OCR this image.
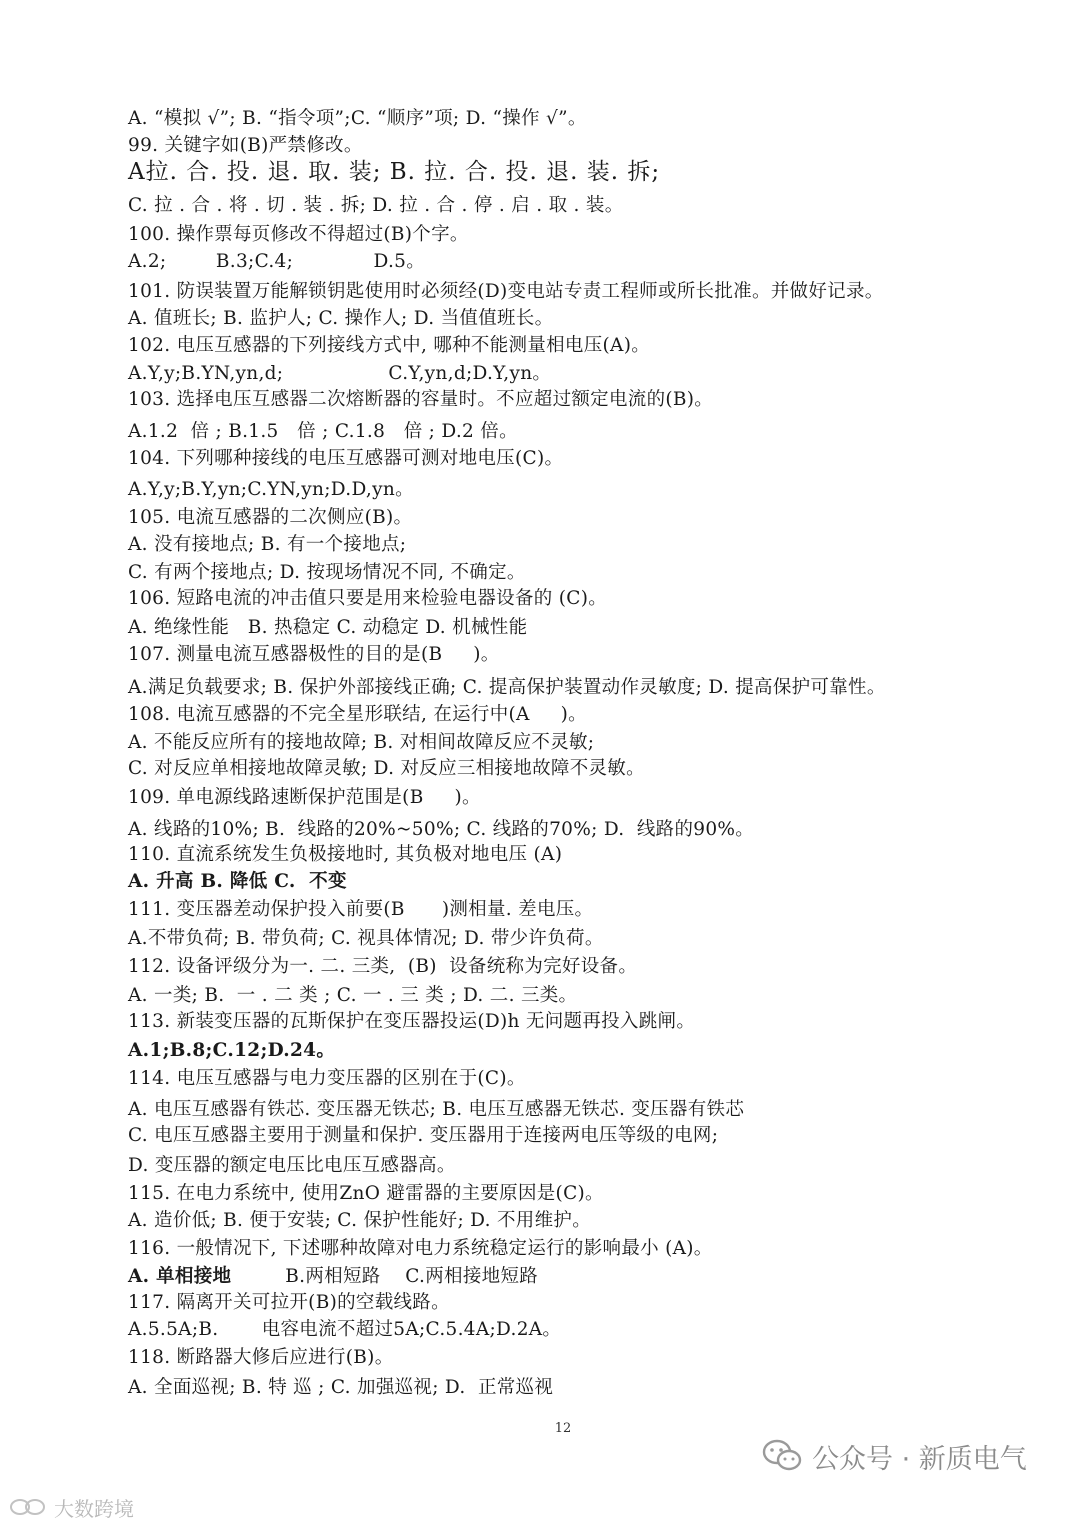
A. “模拟 √”; B. “指令项”;C. “顺序”项; D. “操作 √”。
99. 关键字如(B)严禁修改。
A拉. 合. 投. 退. 取. 装; B. 拉. 合. 投. 退. 装. 拆;
C. 拉 . 合 . 将 . 切 . 装 . 拆; D. 拉 . 合 . 停 . 启 . 取 . 装。
100. 操作票每页修改不得超过(B)个字。
A.2;        B.3;C.4;             D.5。
101. 防误装置万能解锁钥匙使用时必须经(D)变电站专责工程师或所长批准。并做好记录。
A. 值班长; B. 监护人; C. 操作人; D. 当值值班长。
102. 电压互感器的下列接线方式中, 哪种不能测量相电压(A)。
A.Y,y;B.YN,yn,d;                 C.Y,yn,d;D.Y,yn。
103. 选择电压互感器二次熔断器的容量时。不应超过额定电流的(B)。
A.1.2  倍 ; B.1.5   倍 ; C.1.8   倍 ; D.2 倍。
104. 下列哪种接线的电压互感器可测对地电压(C)。
A.Y,y;B.Y,yn;C.YN,yn;D.D,yn。
105. 电流互感器的二次侧应(B)。
A. 没有接地点; B. 有一个接地点;
C. 有两个接地点; D. 按现场情况不同, 不确定。
106. 短路电流的冲击值只要是用来检验电器设备的 (C)。
A. 绝缘性能   B. 热稳定 C. 动稳定 D. 机械性能
107. 测量电流互感器极性的目的是(B     )。
A.满足负载要求; B. 保护外部接线正确; C. 提高保护装置动作灵敏度; D. 提高保护可靠性。
108. 电流互感器的不完全星形联结, 在运行中(A     )。
A. 不能反应所有的接地故障; B. 对相间故障反应不灵敏;
C. 对反应单相接地故障灵敏; D. 对反应三相接地故障不灵敏。
109. 单电源线路速断保护范围是(B     )。
A. 线路的10%; B.  线路的20%~50%; C. 线路的70%; D.  线路的90%。
110. 直流系统发生负极接地时, 其负极对地电压 (A)
A. 升高 B. 降低 C.  不变
111. 变压器差动保护投入前要(B      )测相量. 差电压。
A.不带负荷; B. 带负荷; C. 视具体情况; D. 带少许负荷。
112. 设备评级分为一. 二. 三类,  (B)  设备统称为完好设备。
A. 一类; B.  一 . 二 类 ; C. 一 . 三 类 ; D. 二. 三类。
113. 新装变压器的瓦斯保护在变压器投运(D)h 无问题再投入跳闸。
A.1;B.8;C.12;D.24。
114. 电压互感器与电力变压器的区别在于(C)。
A. 电压互感器有铁芯. 变压器无铁芯; B. 电压互感器无铁芯. 变压器有铁芯
C. 电压互感器主要用于测量和保护. 变压器用于连接两电压等级的电网;
D. 变压器的额定电压比电压互感器高。
115. 在电力系统中, 使用ZnO 避雷器的主要原因是(C)。
A. 造价低; B. 便于安装; C. 保护性能好; D. 不用维护。
116. 一般情况下, 下述哪种故障对电力系统稳定运行的影响最小 (A)。
A. 单相接地        B.两相短路    C.两相接地短路
117. 隔离开关可拉开(B)的空载线路。
A.5.5A;B.       电容电流不超过5A;C.5.4A;D.2A。
118. 断路器大修后应进行(B)。
A. 全面巡视; B. 特 巡 ; C. 加强巡视; D.  正常巡视
12
公众号 · 新质电气
大数跨境
